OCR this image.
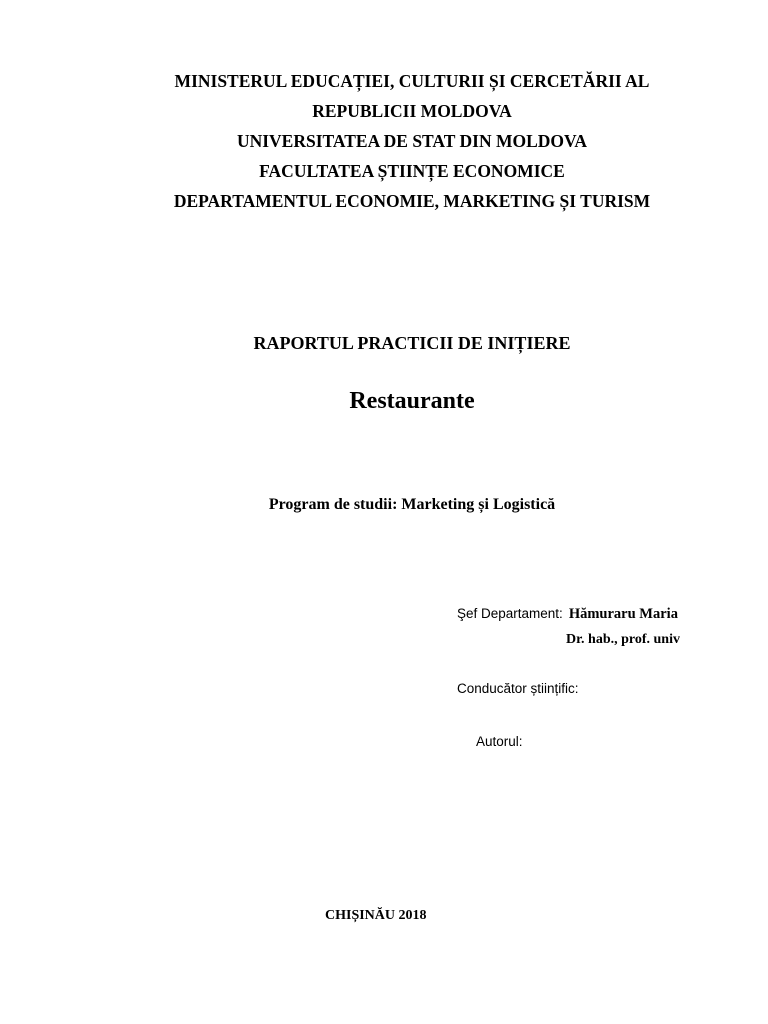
MINISTERUL EDUCAȚIEI, CULTURII ȘI CERCETĂRII AL
REPUBLICII MOLDOVA
UNIVERSITATEA DE STAT DIN MOLDOVA
FACULTATEA ȘTIINȚE ECONOMICE
DEPARTAMENTUL ECONOMIE, MARKETING ȘI TURISM
RAPORTUL PRACTICII DE INIȚIERE
Restaurante
Program de studii: Marketing și Logistică
Şef Departament: Hămuraru Maria
Dr. hab., prof. univ
Conducător științific:
Autorul:
CHIȘINĂU 2018
